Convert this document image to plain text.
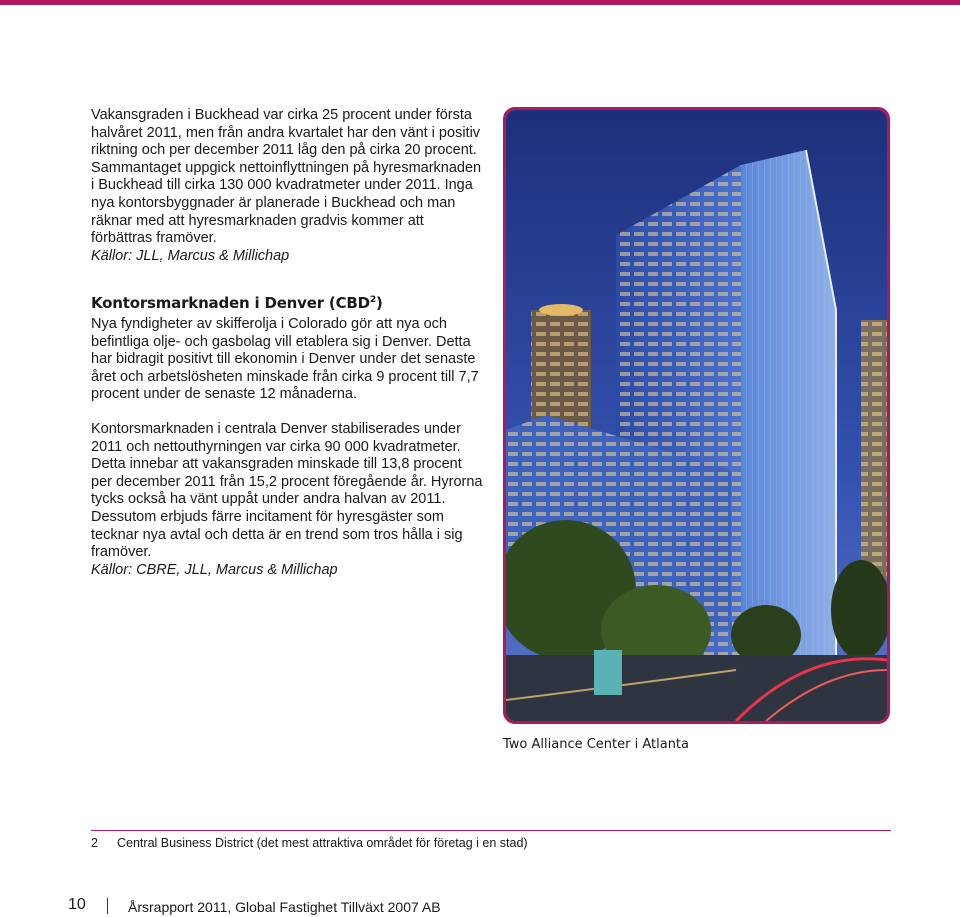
Vakansgraden i Buckhead var cirka 25 procent under första halvåret 2011, men från andra kvartalet har den vänt i positiv riktning och per december 2011 låg den på cirka 20 procent. Sammantaget uppgick nettoinflyttningen på hyresmarknaden i Buckhead till cirka 130 000 kvadratmeter under 2011. Inga nya kontorsbyggnader är planerade i Buckhead och man räknar med att hyresmarknaden gradvis kommer att förbättras framöver.

Källor: JLL, Marcus & Millichap

Kontorsmarknaden i Denver (CBD$^2$)

Nya fyndigheter av skifferolja i Colorado gör att nya och befintliga olje- och gasbolag vill etablera sig i Denver. Detta har bidragit positivt till ekonomin i Denver under det senaste året och arbetslösheten minskade från cirka 9 procent till 7,7 procent under de senaste 12 månaderna.

Kontorsmarknaden i centrala Denver stabiliserades under 2011 och nettouthyrningen var cirka 90 000 kvadratmeter. Detta innebar att vakansgraden minskade till 13,8 procent per december 2011 från 15,2 procent föregående år. Hyrorna tycks också ha vänt uppåt under andra halvan av 2011. Dessutom erbjuds färre incitament för hyresgäster som tecknar nya avtal och detta är en trend som tros hålla i sig framöver.

Källor: CBRE, JLL, Marcus & Millichap

Two Alliance Center i Atlanta
2 Central Business District (det mest attraktiva området för företag i en stad)
10	Årsrapport 2011, Global Fastighet Tillväxt 2007 AB
